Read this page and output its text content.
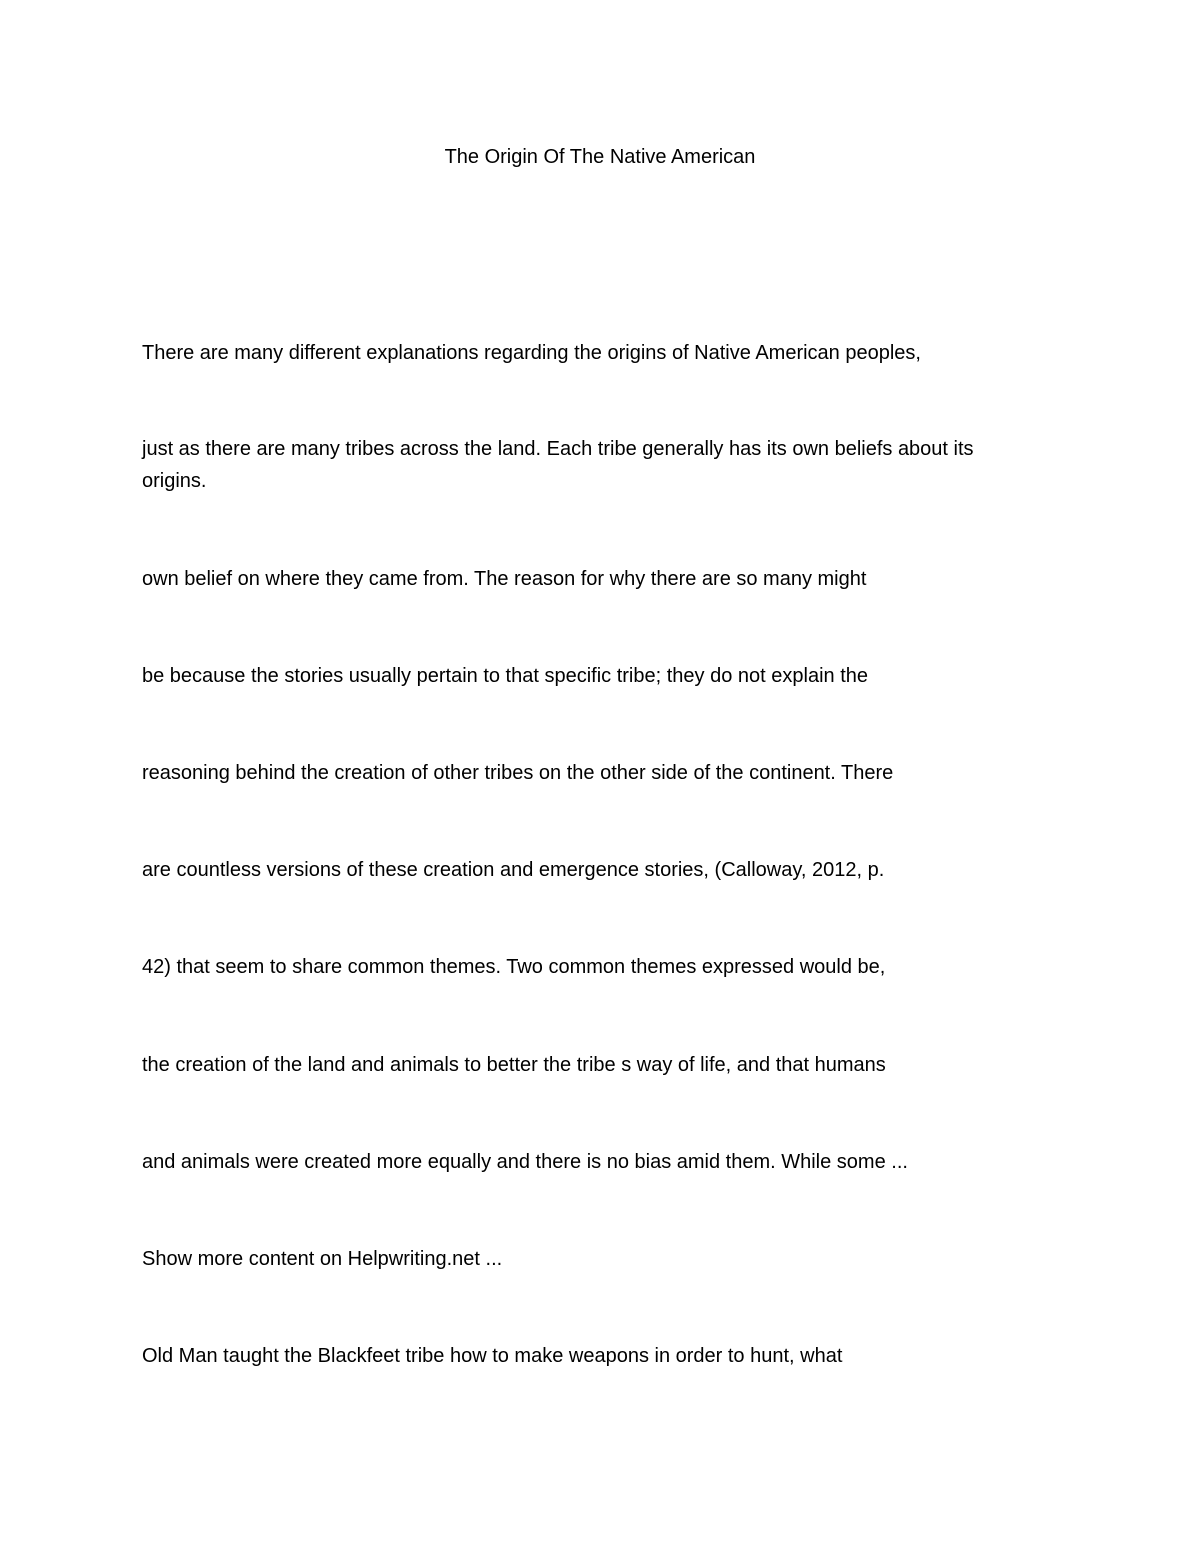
The Origin Of The Native American
There are many different explanations regarding the origins of Native American peoples,
just as there are many tribes across the land. Each tribe generally has its own beliefs about its
origins.
own belief on where they came from. The reason for why there are so many might
be because the stories usually pertain to that specific tribe; they do not explain the
reasoning behind the creation of other tribes on the other side of the continent. There
are countless versions of these creation and emergence stories, (Calloway, 2012, p.
42) that seem to share common themes. Two common themes expressed would be,
the creation of the land and animals to better the tribe s way of life, and that humans
and animals were created more equally and there is no bias amid them. While some ...
Show more content on Helpwriting.net ...
Old Man taught the Blackfeet tribe how to make weapons in order to hunt, what
